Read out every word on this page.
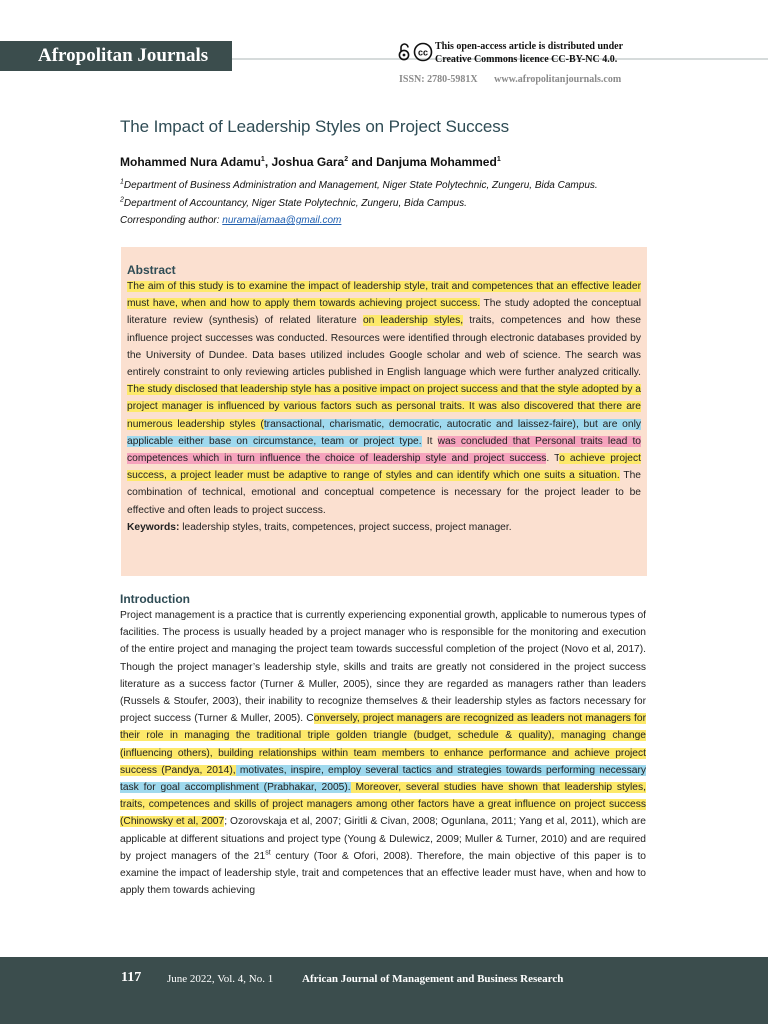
Afropolitan Journals	cc
This open-access article is distributed under
Creative Commons licence CC-BY-NC 4.0.
ISSN: 2780-5981X www.afropolitanjournals.com
The Impact of Leadership Styles on Project Success
Mohammed Nura Adamu$^1$, Joshua Gara$^2$ and Danjuma Mohammed$^1$
$^1$Department of Business Administration and Management, Niger State Polytechnic, Zungeru, Bida Campus.
$^2$Department of Accountancy, Niger State Polytechnic, Zungeru, Bida Campus.
Corresponding author: nuramaijamaa@gmail.com
Abstract

The aim of this study is to examine the impact of leadership style, trait and competences that an effective leader must have, when and how to apply them towards achieving project success. The study adopted the conceptual literature review (synthesis) of related literature on leadership styles, traits, competences and how these influence project successes was conducted. Resources were identified through electronic databases provided by the University of Dundee. Data bases utilized includes Google scholar and web of science. The search was entirely constraint to only reviewing articles published in English language which were further analyzed critically. The study disclosed that leadership style has a positive impact on project success and that the style adopted by a project manager is influenced by various factors such as personal traits. It was also discovered that there are numerous leadership styles (transactional, charismatic, democratic, autocratic and laissez-faire), but are only applicable either base on circumstance, team or project type. It was concluded that Personal traits lead to competences which in turn influence the choice of leadership style and project success. To achieve project success, a project leader must be adaptive to range of styles and can identify which one suits a situation. The combination of technical, emotional and conceptual competence is necessary for the project leader to be effective and often leads to project success.

Keywords: leadership styles, traits, competences, project success, project manager.

Introduction

Project management is a practice that is currently experiencing exponential growth, applicable to numerous types of facilities. The process is usually headed by a project manager who is responsible for the monitoring and execution of the entire project and managing the project team towards successful completion of the project (Novo et al, 2017). Though the project manager’s leadership style, skills and traits are greatly not considered in the project success literature as a success factor (Turner & Muller, 2005), since they are regarded as managers rather than leaders (Russels & Stoufer, 2003), their inability to recognize themselves & their leadership styles as factors necessary for project success (Turner & Muller, 2005). Conversely, project managers are recognized as leaders not managers for their role in managing the traditional triple golden triangle (budget, schedule & quality), managing change (influencing others), building relationships within team members to enhance performance and achieve project success (Pandya, 2014), motivates, inspire, employ several tactics and strategies towards performing necessary task for goal accomplishment (Prabhakar, 2005). Moreover, several studies have shown that leadership styles, traits, competences and skills of project managers among other factors have a great influence on project success (Chinowsky et al, 2007; Ozorovskaja et al, 2007; Giritli & Civan, 2008; Ogunlana, 2011; Yang et al, 2011), which are applicable at different situations and project type (Young & Dulewicz, 2009; Muller & Turner, 2010) and are required by project managers of the 21st century (Toor & Ofori, 2008). Therefore, the main objective of this paper is to examine the impact of leadership style, trait and competences that an effective leader must have, when and how to apply them towards achieving

117 June 2022, Vol. 4, No. 1	African Journal of Management and Business Research
